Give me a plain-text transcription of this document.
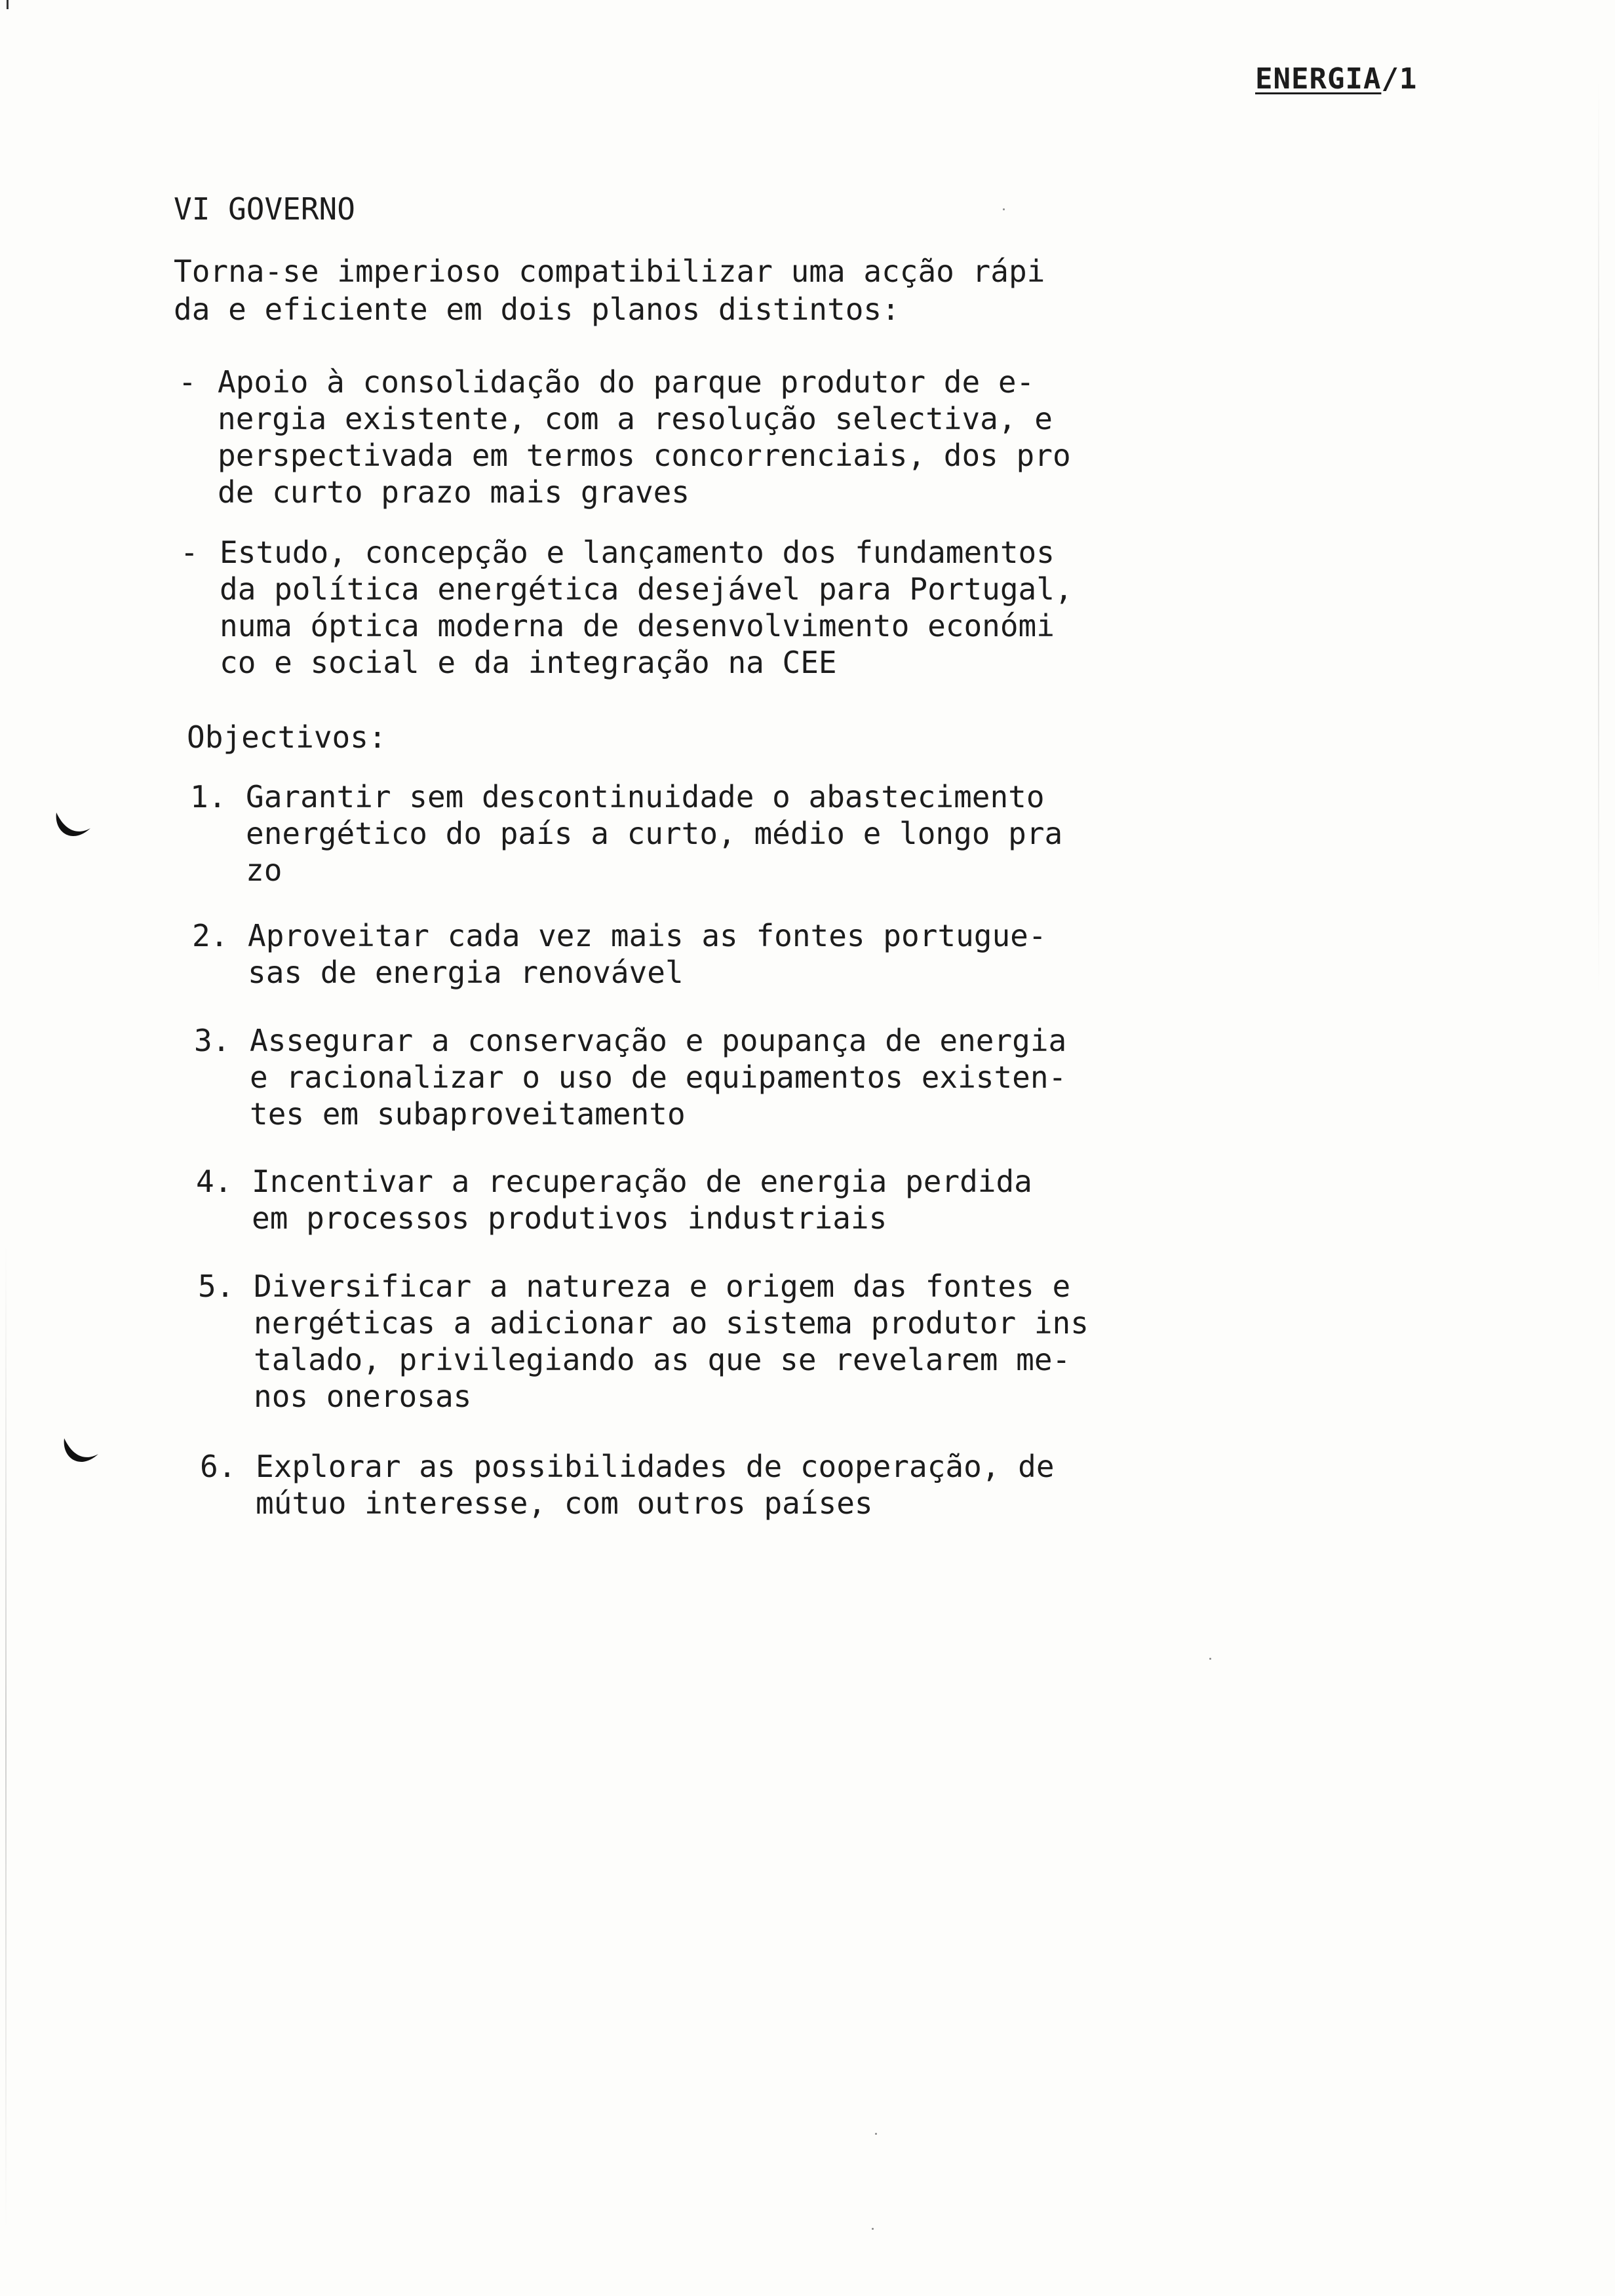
ENERGIA/1
VI GOVERNO
Torna-se imperioso compatibilizar uma acção rápi
da e eficiente em dois planos distintos:
- Apoio à consolidação do parque produtor de e-
nergia existente, com a resolução selectiva, e
perspectivada em termos concorrenciais, dos pro
de curto prazo mais graves
- Estudo, concepção e lançamento dos fundamentos
da política energética desejável para Portugal,
numa óptica moderna de desenvolvimento económi
co e social e da integração na CEE
Objectivos:
1. Garantir sem descontinuidade o abastecimento
energético do país a curto, médio e longo pra
zo
2. Aproveitar cada vez mais as fontes portugue-
sas de energia renovável
3. Assegurar a conservação e poupança de energia
e racionalizar o uso de equipamentos existen-
tes em subaproveitamento
4. Incentivar a recuperação de energia perdida
em processos produtivos industriais
5. Diversificar a natureza e origem das fontes e
nergéticas a adicionar ao sistema produtor ins
talado, privilegiando as que se revelarem me-
nos onerosas
6. Explorar as possibilidades de cooperação, de
mútuo interesse, com outros países
